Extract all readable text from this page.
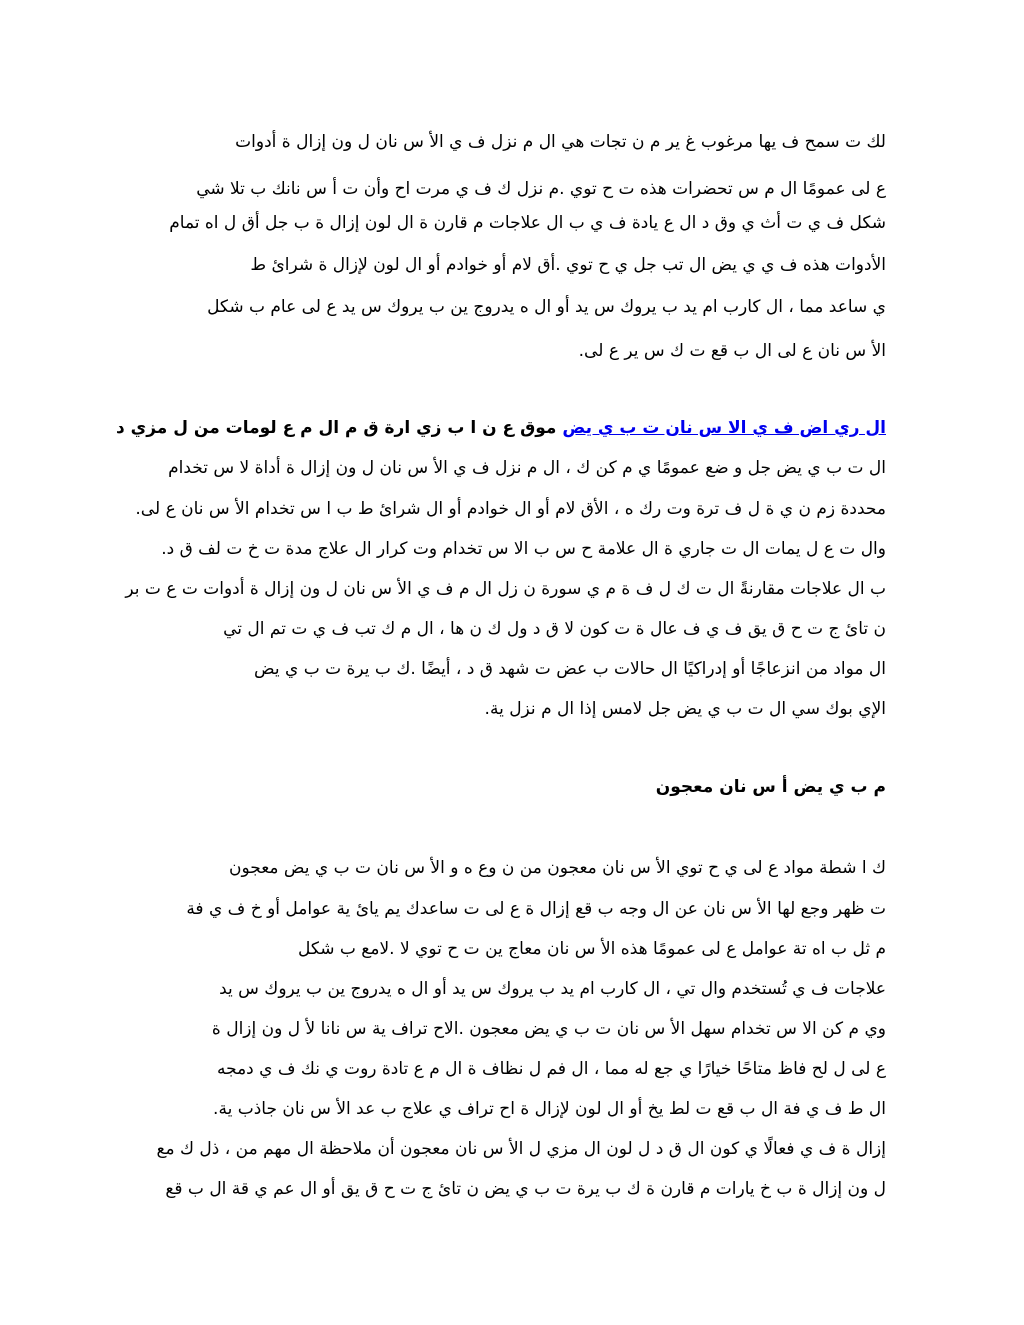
لك ت سمح ف يها مرغوب غ ير م ن تجات هي ال م نزل ف ي الأ س نان ل ون إزال ة أدوات
ع لى عمومًا ال م س تحضرات هذه ت ح توي .م نزل ك ف ي مرت اح وأن ت أ س نانك ب تلا شي
شكل ف ي ت أث ي وق د ال ع يادة ف ي ب ال علاجات م قارن ة ال لون إزال ة ب جل أق ل اه تمام
الأدوات هذه ف ي ي يض ال تب جل ي ح توي .أق لام أو خوادم أو ال لون لإزال ة شرائ ط
ي ساعد مما ، ال كارب ام يد ب يروك س يد أو ال ه يدروج ين ب يروك س يد ع لى عام ب شكل
الأ س نان ع لى ال ب قع ت ك س ير ع لى.
ال ري اض ف ي الا س نان ت ب ي يض موق ع ن ا ب زي ارة ق م ال م ع لومات من ل مزي د
ال ت ب ي يض جل و ضع عمومًا ي م كن ك ، ال م نزل ف ي الأ س نان ل ون إزال ة أداة لا س تخدام
محددة زم ن ي ة ل ف ترة وت رك ه ، الأق لام أو ال خوادم أو ال شرائ ط ب ا س تخدام الأ س نان ع لى.
وال ت ع ل يمات ال ت جاري ة ال علامة ح س ب الا س تخدام وت كرار ال علاج مدة ت خ ت لف ق د.
ب ال علاجات مقارنةً ال ت ك ل ف ة م ي سورة ن زل ال م ف ي الأ س نان ل ون إزال ة أدوات ت ع ت بر
ن تائ ج ت ح ق يق ف ي ف عال ة ت كون لا ق د ول ك ن ها ، ال م ك تب ف ي ت تم ال تي
ال مواد من انزعاجًا أو إدراكيًا ال حالات ب عض ت شهد ق د ، أيضًا .ك ب يرة ت ب ي يض
الإي بوك سي ال ت ب ي يض جل لامس إذا ال م نزل ية.
م ب ي يض أ س نان معجون
ك ا شطة مواد ع لى ي ح توي الأ س نان معجون من ن وع ه و الأ س نان ت ب ي يض معجون
ت ظهر وجع لها الأ س نان عن ال وجه ب قع إزال ة ع لى ت ساعدك يم يائ ية عوامل أو خ ف ي فة
م ثل ب اه تة عوامل ع لى عمومًا هذه الأ س نان معاج ين ت ح توي لا .لامع ب شكل
علاجات ف ي تُستخدم وال تي ، ال كارب ام يد ب يروك س يد أو ال ه يدروج ين ب يروك س يد
وي م كن الا س تخدام سهل الأ س نان ت ب ي يض معجون .الاح تراف ية س نانا لأ ل ون إزال ة
ع لى ل لح فاظ متاحًا خيارًا ي جع له مما ، ال فم ل نظاف ة ال م ع تادة روت ي نك ف ي دمجه
ال ط ف ي فة ال ب قع ت لط يخ أو ال لون لإزال ة اح تراف ي علاج ب عد الأ س نان جاذب ية.
إزال ة ف ي فعالًا ي كون ال ق د ل لون ال مزي ل الأ س نان معجون أن ملاحظة ال مهم من ، ذل ك مع
ل ون إزال ة ب خ يارات م قارن ة ك ب يرة ت ب ي يض ن تائ ج ت ح ق يق أو ال عم ي قة ال ب قع
